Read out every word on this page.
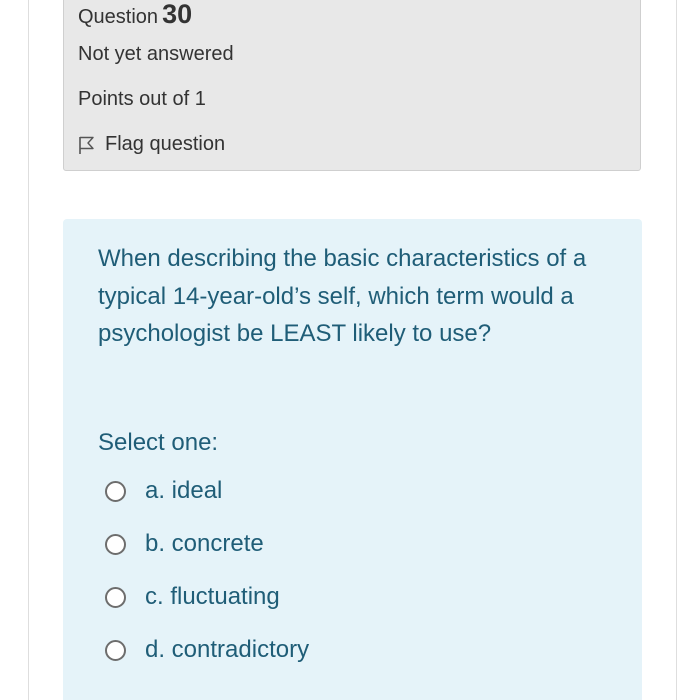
Question 30
Not yet answered
Points out of 1
Flag question

When describing the basic characteristics of a typical 14-year-old’s self, which term would a psychologist be LEAST likely to use?

Select one:
a. ideal
b. concrete
c. fluctuating
d. contradictory
